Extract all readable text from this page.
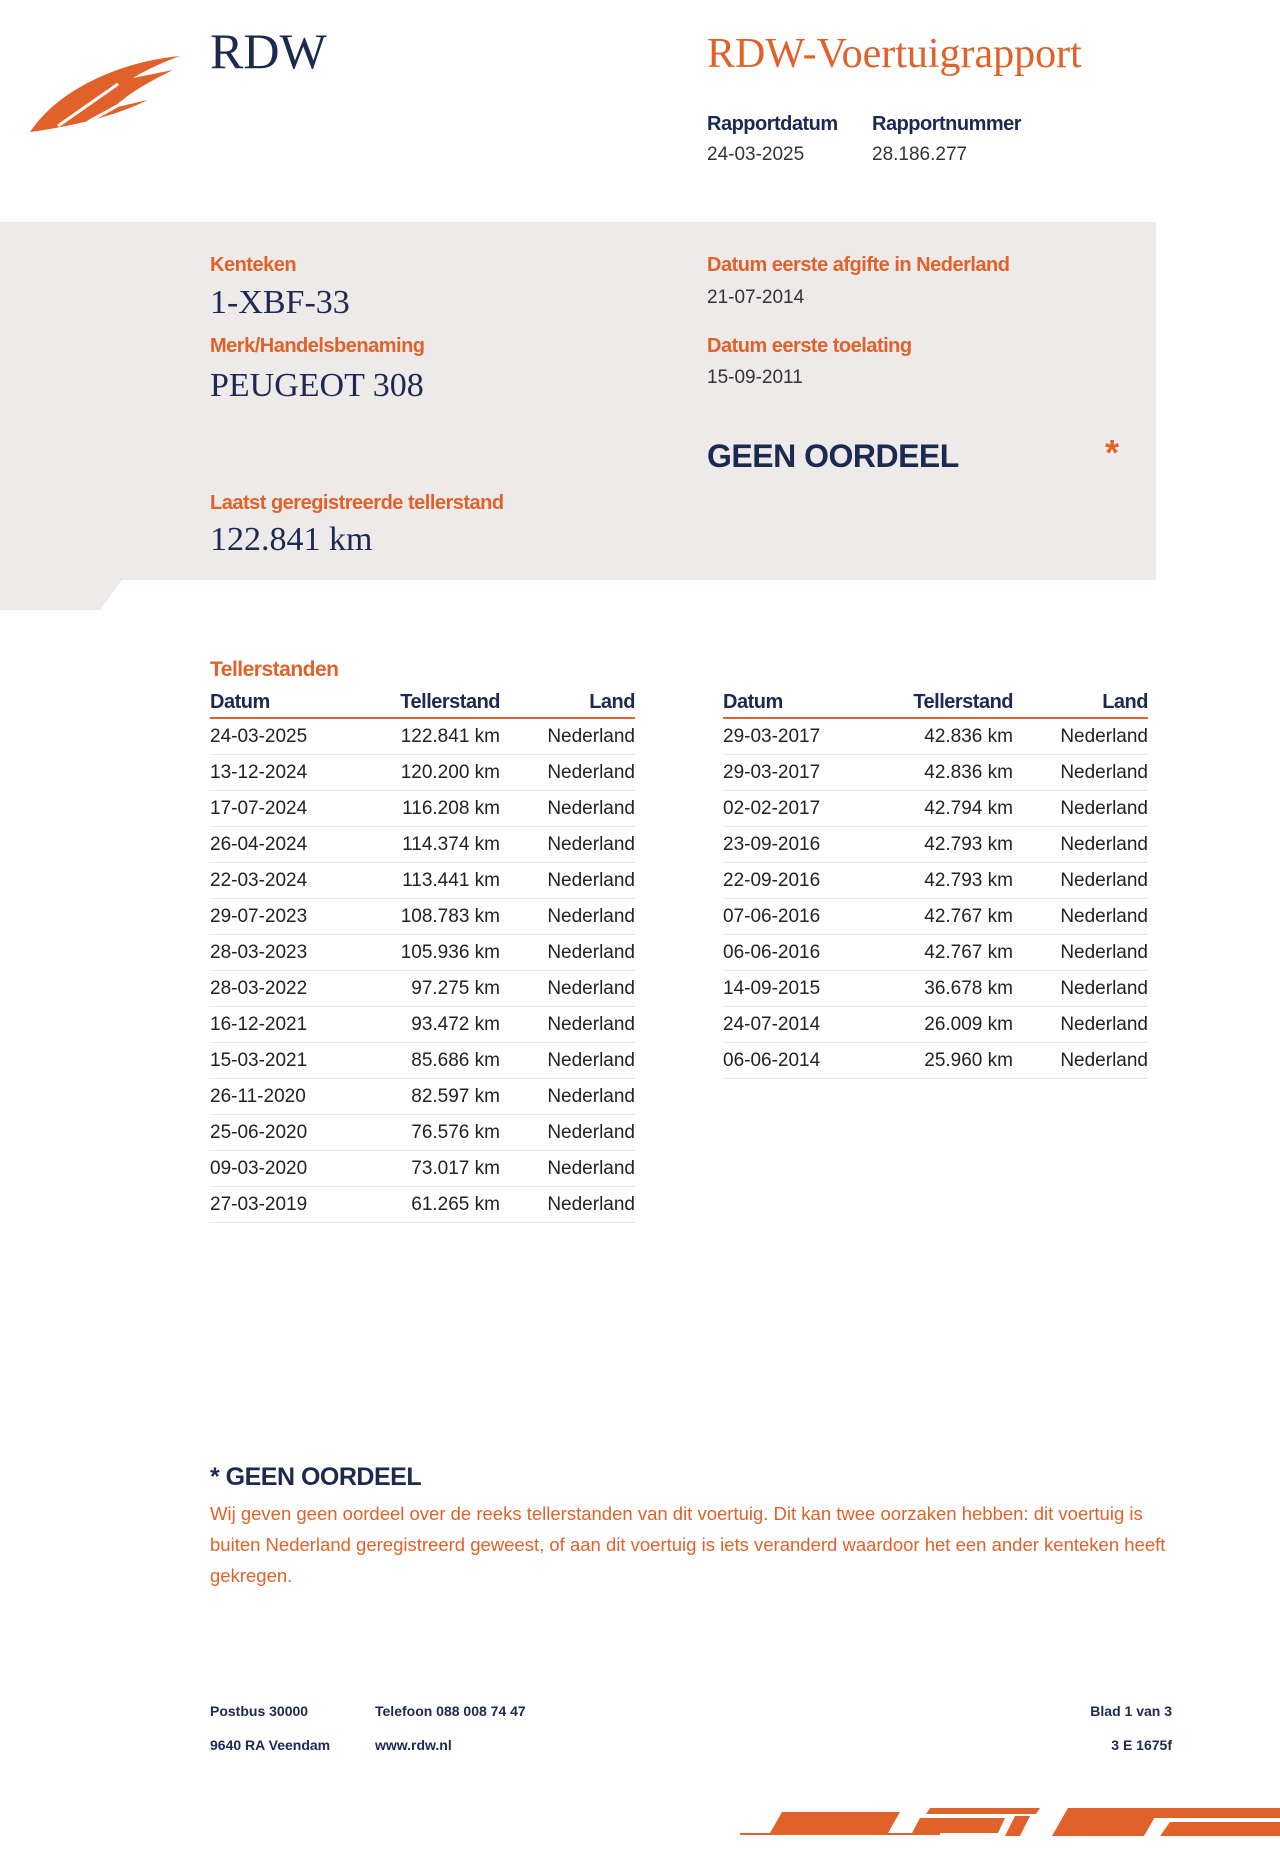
RDW	RDW-Voertuigrapport
Rapportdatum
24-03-2025
Rapportnummer
28.186.277
Kenteken
1-XBF-33
Merk/Handelsbenaming
PEUGEOT 308
Datum eerste afgifte in Nederland
21-07-2014
Datum eerste toelating
15-09-2011
GEEN OORDEEL	*
Laatst geregistreerde tellerstand
122.841 km
Tellerstanden
Datum	Tellerstand	Land
24-03-2025	122.841 km	Nederland
13-12-2024	120.200 km	Nederland
17-07-2024	116.208 km	Nederland
26-04-2024	114.374 km	Nederland
22-03-2024	113.441 km	Nederland
29-07-2023	108.783 km	Nederland
28-03-2023	105.936 km	Nederland
28-03-2022	97.275 km	Nederland
16-12-2021	93.472 km	Nederland
15-03-2021	85.686 km	Nederland
26-11-2020	82.597 km	Nederland
25-06-2020	76.576 km	Nederland
09-03-2020	73.017 km	Nederland
27-03-2019	61.265 km	Nederland
Datum	Tellerstand	Land
29-03-2017	42.836 km	Nederland
29-03-2017	42.836 km	Nederland
02-02-2017	42.794 km	Nederland
23-09-2016	42.793 km	Nederland
22-09-2016	42.793 km	Nederland
07-06-2016	42.767 km	Nederland
06-06-2016	42.767 km	Nederland
14-09-2015	36.678 km	Nederland
24-07-2014	26.009 km	Nederland
06-06-2014	25.960 km	Nederland
* GEEN OORDEEL
Wij geven geen oordeel over de reeks tellerstanden van dit voertuig. Dit kan twee oorzaken hebben: dit voertuig is buiten Nederland geregistreerd geweest, of aan dit voertuig is iets veranderd waardoor het een ander kenteken heeft gekregen.
Postbus 30000
9640 RA Veendam
Telefoon 088 008 74 47
www.rdw.nl
Blad 1 van 3
3 E 1675f
